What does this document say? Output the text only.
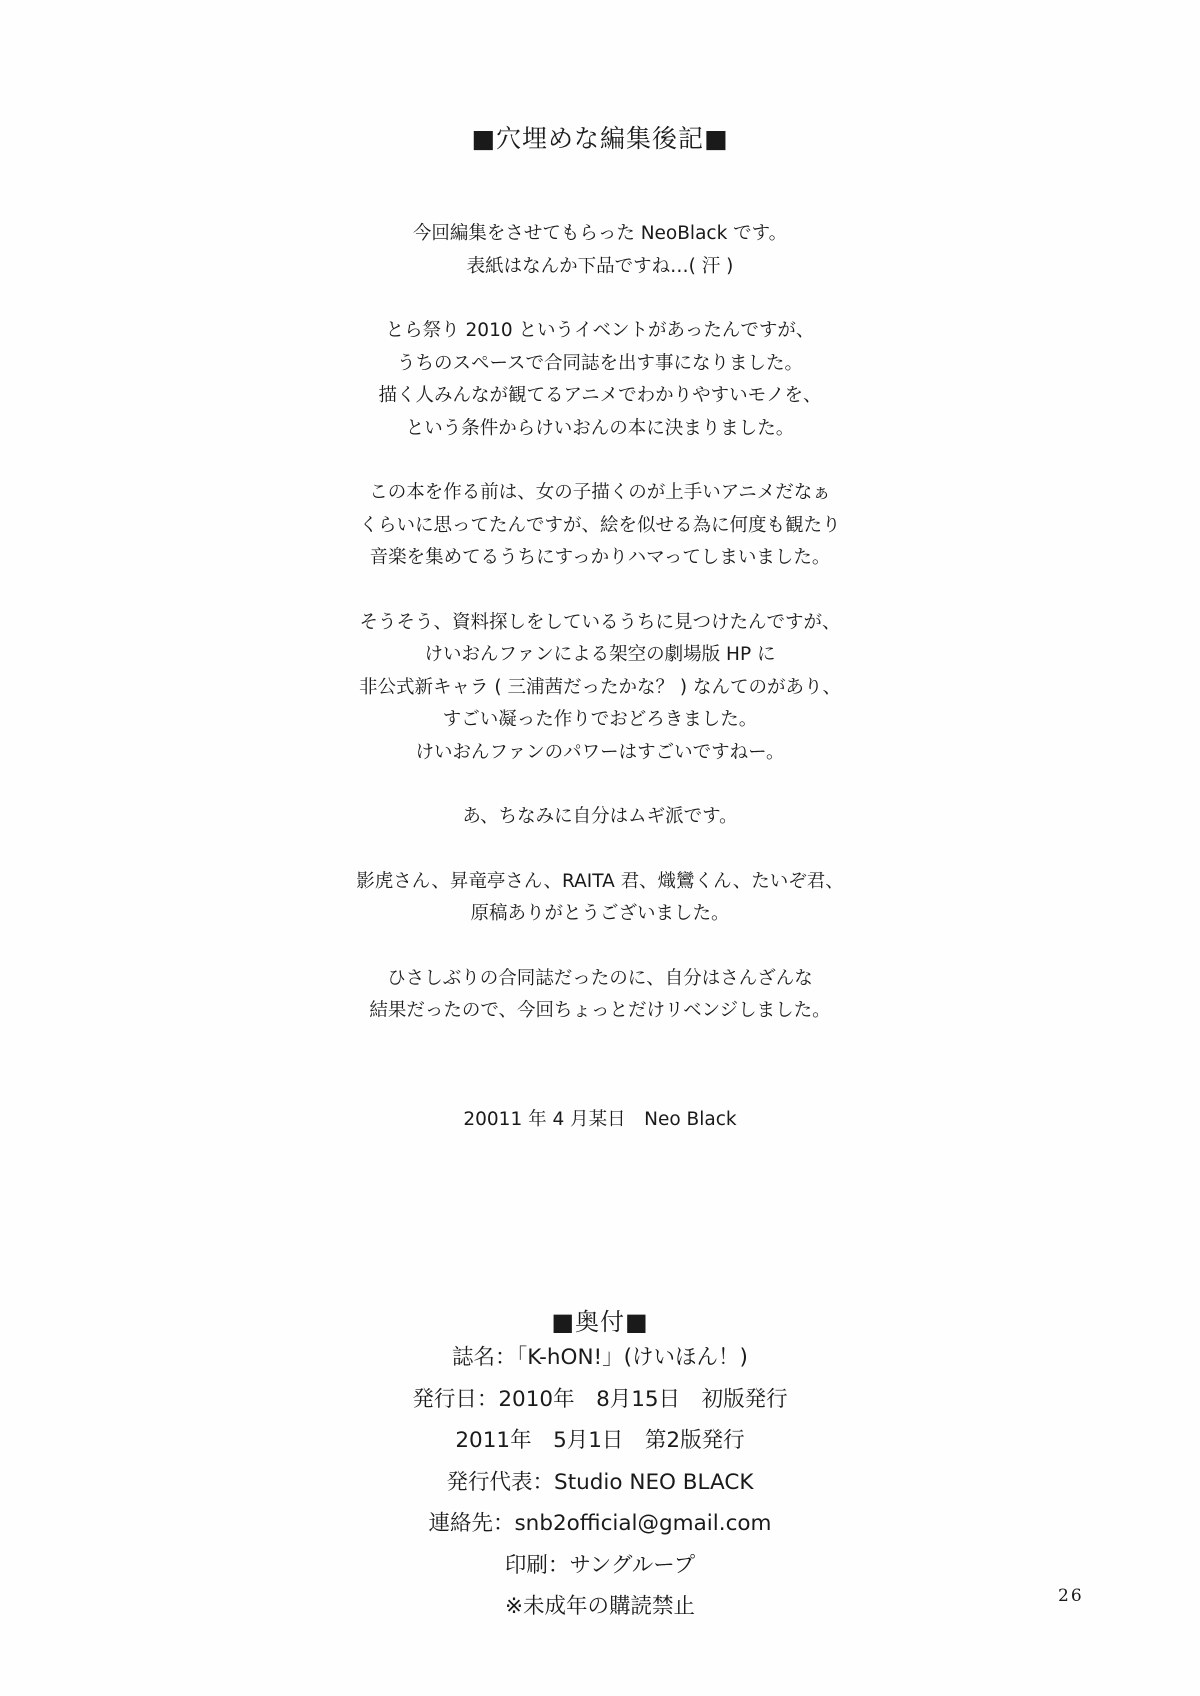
■穴埋めな編集後記■
今回編集をさせてもらった NeoBlack です。
表紙はなんか下品ですね…( 汗 )
とら祭り 2010 というイベントがあったんですが、
うちのスペースで合同誌を出す事になりました。
描く人みんなが観てるアニメでわかりやすいモノを、
という条件からけいおんの本に決まりました。
この本を作る前は、女の子描くのが上手いアニメだなぁ
くらいに思ってたんですが、絵を似せる為に何度も観たり
音楽を集めてるうちにすっかりハマってしまいました。
そうそう、資料探しをしているうちに見つけたんですが、
けいおんファンによる架空の劇場版 HP に
非公式新キャラ ( 三浦茜だったかな？ ) なんてのがあり、
すごい凝った作りでおどろきました。
けいおんファンのパワーはすごいですねー。
あ、ちなみに自分はムギ派です。
影虎さん、昇竜亭さん、RAITA 君、熾鸞くん、たいぞ君、
原稿ありがとうございました。
ひさしぶりの合同誌だったのに、自分はさんざんな
結果だったので、今回ちょっとだけリベンジしました。
20011 年 4 月某日　Neo Black
■奥付■
誌名：「K-hON!」(けいほん！)
発行日：2010年　8月15日　初版発行
2011年　5月1日　第2版発行
発行代表：Studio NEO BLACK
連絡先：snb2official@gmail.com
印刷：サングループ
※未成年の購読禁止	26
